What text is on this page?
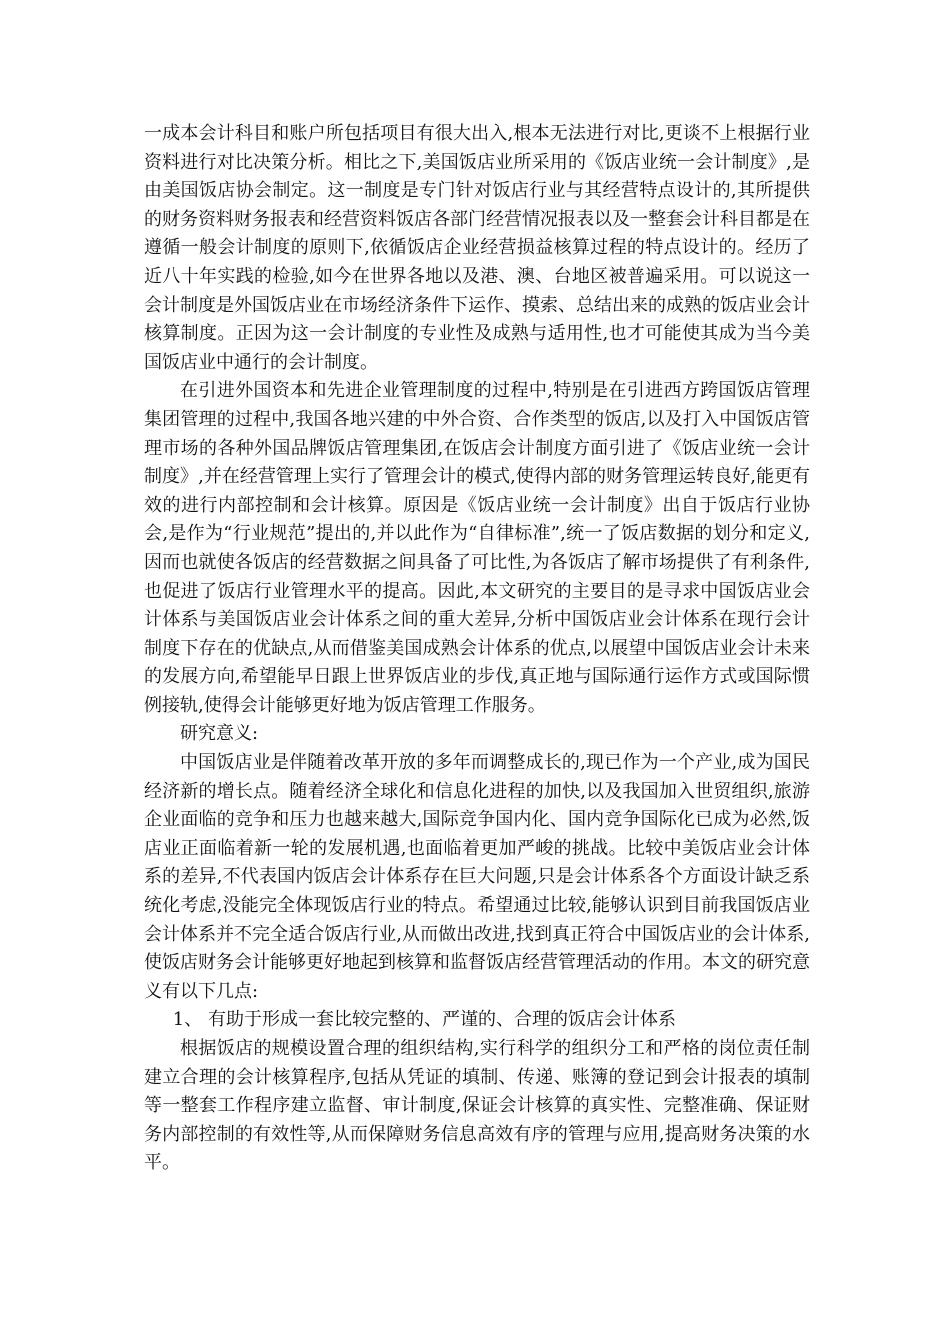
一成本会计科目和账户所包括项目有很大出入,根本无法进行对比,更谈不上根据行业资料进行对比决策分析。相比之下,美国饭店业所采用的《饭店业统一会计制度》,是由美国饭店协会制定。这一制度是专门针对饭店行业与其经营特点设计的,其所提供的财务资料财务报表和经营资料饭店各部门经营情况报表以及一整套会计科目都是在遵循一般会计制度的原则下,依循饭店企业经营损益核算过程的特点设计的。经历了近八十年实践的检验,如今在世界各地以及港、澳、台地区被普遍采用。可以说这一会计制度是外国饭店业在市场经济条件下运作、摸索、总结出来的成熟的饭店业会计核算制度。正因为这一会计制度的专业性及成熟与适用性,也才可能使其成为当今美国饭店业中通行的会计制度。

在引进外国资本和先进企业管理制度的过程中,特别是在引进西方跨国饭店管理集团管理的过程中,我国各地兴建的中外合资、合作类型的饭店,以及打入中国饭店管理市场的各种外国品牌饭店管理集团,在饭店会计制度方面引进了《饭店业统一会计制度》,并在经营管理上实行了管理会计的模式,使得内部的财务管理运转良好,能更有效的进行内部控制和会计核算。原因是《饭店业统一会计制度》出自于饭店行业协会,是作为“行业规范”提出的,并以此作为“自律标准”,统一了饭店数据的划分和定义,因而也就使各饭店的经营数据之间具备了可比性,为各饭店了解市场提供了有利条件,也促进了饭店行业管理水平的提高。因此,本文研究的主要目的是寻求中国饭店业会计体系与美国饭店业会计体系之间的重大差异,分析中国饭店业会计体系在现行会计制度下存在的优缺点,从而借鉴美国成熟会计体系的优点,以展望中国饭店业会计未来的发展方向,希望能早日跟上世界饭店业的步伐,真正地与国际通行运作方式或国际惯例接轨,使得会计能够更好地为饭店管理工作服务。

研究意义:

中国饭店业是伴随着改革开放的多年而调整成长的,现已作为一个产业,成为国民经济新的增长点。随着经济全球化和信息化进程的加快,以及我国加入世贸组织,旅游企业面临的竞争和压力也越来越大,国际竞争国内化、国内竞争国际化已成为必然,饭店业正面临着新一轮的发展机遇,也面临着更加严峻的挑战。比较中美饭店业会计体系的差异,不代表国内饭店会计体系存在巨大问题,只是会计体系各个方面设计缺乏系统化考虑,没能完全体现饭店行业的特点。希望通过比较,能够认识到目前我国饭店业会计体系并不完全适合饭店行业,从而做出改进,找到真正符合中国饭店业的会计体系,使饭店财务会计能够更好地起到核算和监督饭店经营管理活动的作用。本文的研究意义有以下几点:

1、 有助于形成一套比较完整的、严谨的、合理的饭店会计体系

根据饭店的规模设置合理的组织结构,实行科学的组织分工和严格的岗位责任制建立合理的会计核算程序,包括从凭证的填制、传递、账簿的登记到会计报表的填制等一整套工作程序建立监督、审计制度,保证会计核算的真实性、完整准确、保证财务内部控制的有效性等,从而保障财务信息高效有序的管理与应用,提高财务决策的水平。
